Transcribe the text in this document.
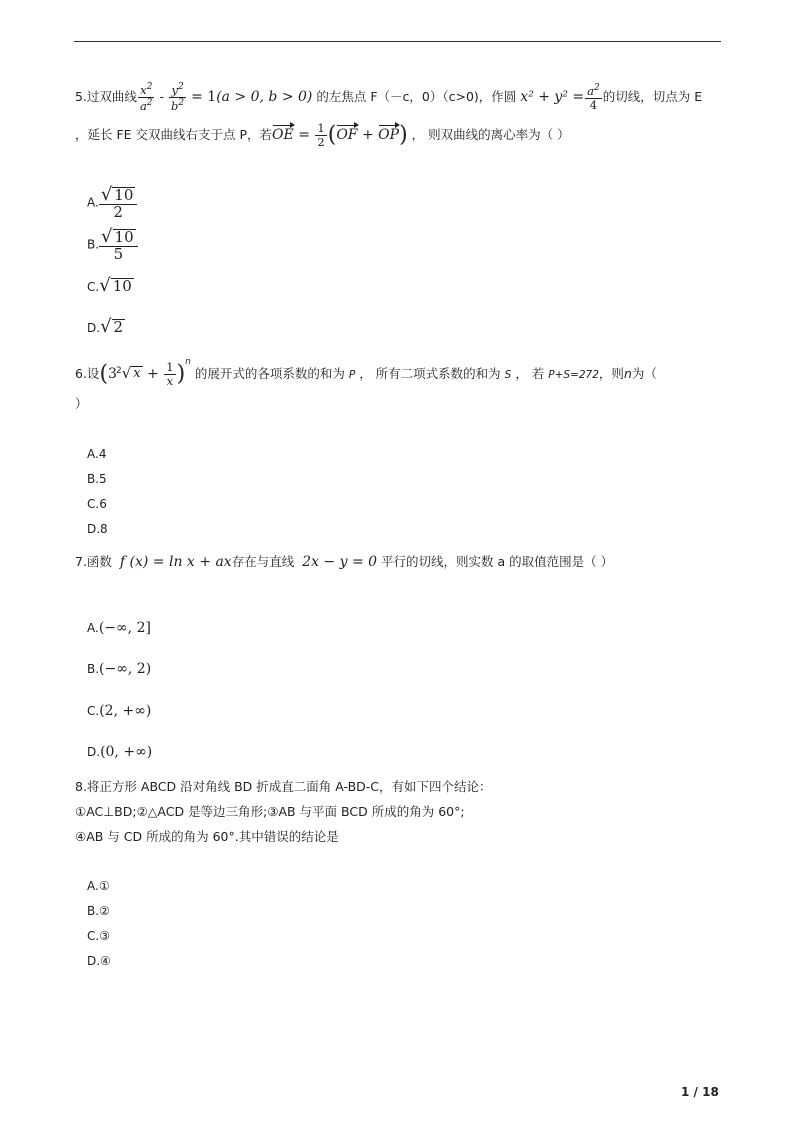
5.过双曲线 $\frac{x^2}{a^2} - \frac{y^2}{b^2} = 1(a > 0$, b > 0) 的左焦点 F（－c，0）（c>0)，作圆 $x^2 + y^2 = \frac{a^2}{4}$ 的切线，切点为 E
，延长 FE 交双曲线右支于点 P，若OE = $\frac{1}{2} (OF + OP)$ ， 则双曲线的离心率为（ ）
A. $\frac{√ 10}{2}$
B. $\frac{√ 10}{5}$
C. √ 10
D. √ 2
6.设($3^2$ √ $x + \frac{1}{x} )^n$ 的展开式的各项系数的和为 P ， 所有二项式系数的和为 S ， 若 P+S=272，则n为（
）
A.4
B.5
C.6
D.8
7.函数 f (x) = ln x + ax存在与直线 2x − y = 0 平行的切线，则实数 a 的取值范围是（ ）
A.(−∞, 2]
B.(−∞, 2)
C.(2, +∞)
D.(0, +∞)
8.将正方形 ABCD 沿对角线 BD 折成直二面角 A-BD-C，有如下四个结论：
①AC⊥BD;②△ACD 是等边三角形;③AB 与平面 BCD 所成的角为 60°;
④AB 与 CD 所成的角为 60°.其中错误的结论是
A.①
B.②
C.③
D.④
1 / 18
